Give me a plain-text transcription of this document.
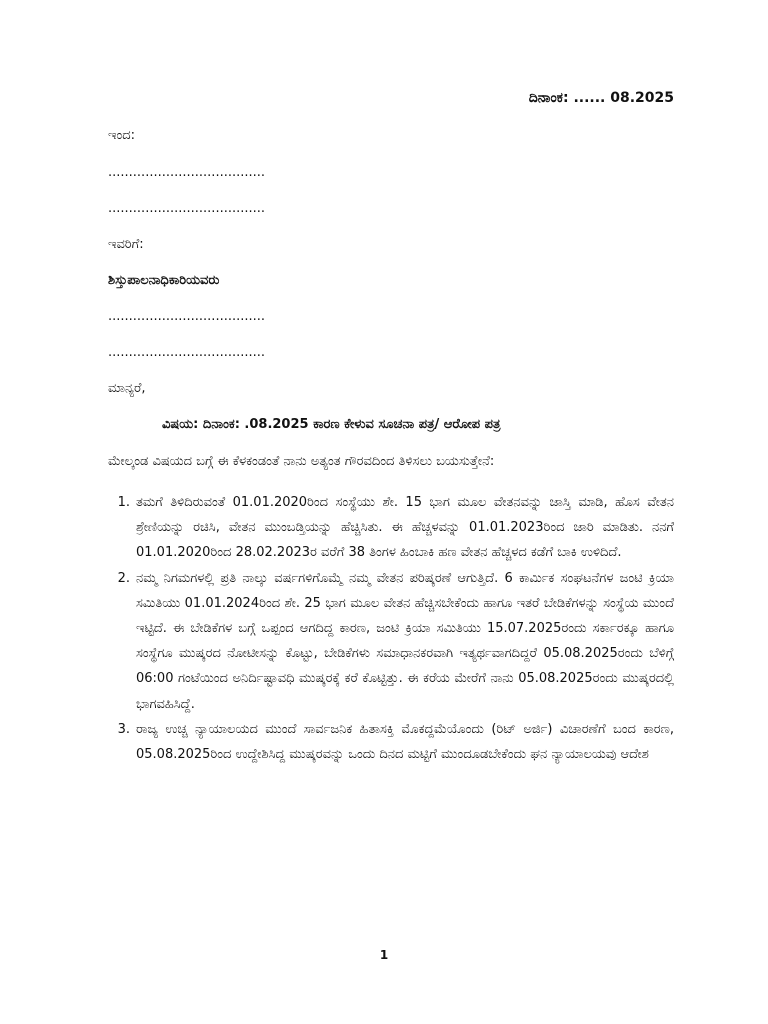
ದಿನಾಂಕ: ...... 08.2025
ಇಂದ:
......................................
......................................
ಇವರಿಗೆ:
ಶಿಸ್ತುಪಾಲನಾಧಿಕಾರಿಯವರು
......................................
......................................
ಮಾನ್ಯರೆ,
ವಿಷಯ: ದಿನಾಂಕ: .08.2025 ಕಾರಣ ಕೇಳುವ ಸೂಚನಾ ಪತ್ರ/ ಆರೋಪ ಪತ್ರ
ಮೇಲ್ಕಂಡ ವಿಷಯದ ಬಗ್ಗೆ ಈ ಕೆಳಕಂಡಂತೆ ನಾನು ಅತ್ಯಂತ ಗೌರವದಿಂದ ತಿಳಿಸಲು ಬಯಸುತ್ತೇನೆ:
1. ತಮಗೆ ತಿಳಿದಿರುವಂತೆ 01.01.2020ರಿಂದ ಸಂಸ್ಥೆಯು ಶೇ. 15 ಭಾಗ ಮೂಲ ವೇತನವನ್ನು ಜಾಸ್ತಿ ಮಾಡಿ, ಹೊಸ ವೇತನ ಶ್ರೇಣಿಯನ್ನು ರಚಿಸಿ, ವೇತನ ಮುಂಬಡ್ತಿಯನ್ನು ಹೆಚ್ಚಿಸಿತು. ಈ ಹೆಚ್ಚಳವನ್ನು 01.01.2023ರಿಂದ ಜಾರಿ ಮಾಡಿತು. ನನಗೆ 01.01.2020ರಿಂದ 28.02.2023ರ ವರೆಗೆ 38 ತಿಂಗಳ ಹಿಂಬಾಕಿ ಹಣ ವೇತನ ಹೆಚ್ಚಳದ ಕಡೆಗೆ ಬಾಕಿ ಉಳಿದಿದೆ.
2. ನಮ್ಮ ನಿಗಮಗಳಲ್ಲಿ ಪ್ರತಿ ನಾಲ್ಕು ವರ್ಷಗಳಿಗೊಮ್ಮೆ ನಮ್ಮ ವೇತನ ಪರಿಷ್ಕರಣೆ ಆಗುತ್ತಿದೆ. 6 ಕಾರ್ಮಿಕ ಸಂಘಟನೆಗಳ ಜಂಟಿ ಕ್ರಿಯಾ ಸಮಿತಿಯು 01.01.2024ರಿಂದ ಶೇ. 25 ಭಾಗ ಮೂಲ ವೇತನ ಹೆಚ್ಚಿಸಬೇಕೆಂದು ಹಾಗೂ ಇತರೆ ಬೇಡಿಕೆಗಳನ್ನು ಸಂಸ್ಥೆಯ ಮುಂದೆ ಇಟ್ಟಿದೆ. ಈ ಬೇಡಿಕೆಗಳ ಬಗ್ಗೆ ಒಪ್ಪಂದ ಆಗದಿದ್ದ ಕಾರಣ, ಜಂಟಿ ಕ್ರಿಯಾ ಸಮಿತಿಯು 15.07.2025ರಂದು ಸರ್ಕಾರಕ್ಕೂ ಹಾಗೂ ಸಂಸ್ಥೆಗೂ ಮುಷ್ಕರದ ನೋಟೀಸನ್ನು ಕೊಟ್ಟು, ಬೇಡಿಕೆಗಳು ಸಮಾಧಾನಕರವಾಗಿ ಇತ್ಯರ್ಥವಾಗದಿದ್ದರೆ 05.08.2025ರಂದು ಬೆಳಿಗ್ಗೆ 06:00 ಗಂಟೆಯಿಂದ ಅನಿರ್ದಿಷ್ಟಾವಧಿ ಮುಷ್ಕರಕ್ಕೆ ಕರೆ ಕೊಟ್ಟಿತ್ತು. ಈ ಕರೆಯ ಮೇರೆಗೆ ನಾನು 05.08.2025ರಂದು ಮುಷ್ಕರದಲ್ಲಿ ಭಾಗವಹಿಸಿದ್ದೆ.
3. ರಾಜ್ಯ ಉಚ್ಚ ನ್ಯಾಯಾಲಯದ ಮುಂದೆ ಸಾರ್ವಜನಿಕ ಹಿತಾಸಕ್ತಿ ಮೊಕದ್ದಮೆಯೊಂದು (ರಿಟ್ ಅರ್ಜಿ) ವಿಚಾರಣೆಗೆ ಬಂದ ಕಾರಣ, 05.08.2025ರಿಂದ ಉದ್ದೇಶಿಸಿದ್ದ ಮುಷ್ಕರವನ್ನು ಒಂದು ದಿನದ ಮಟ್ಟಿಗೆ ಮುಂದೂಡಬೇಕೆಂದು ಘನ ನ್ಯಾಯಾಲಯವು ಆದೇಶ
1
